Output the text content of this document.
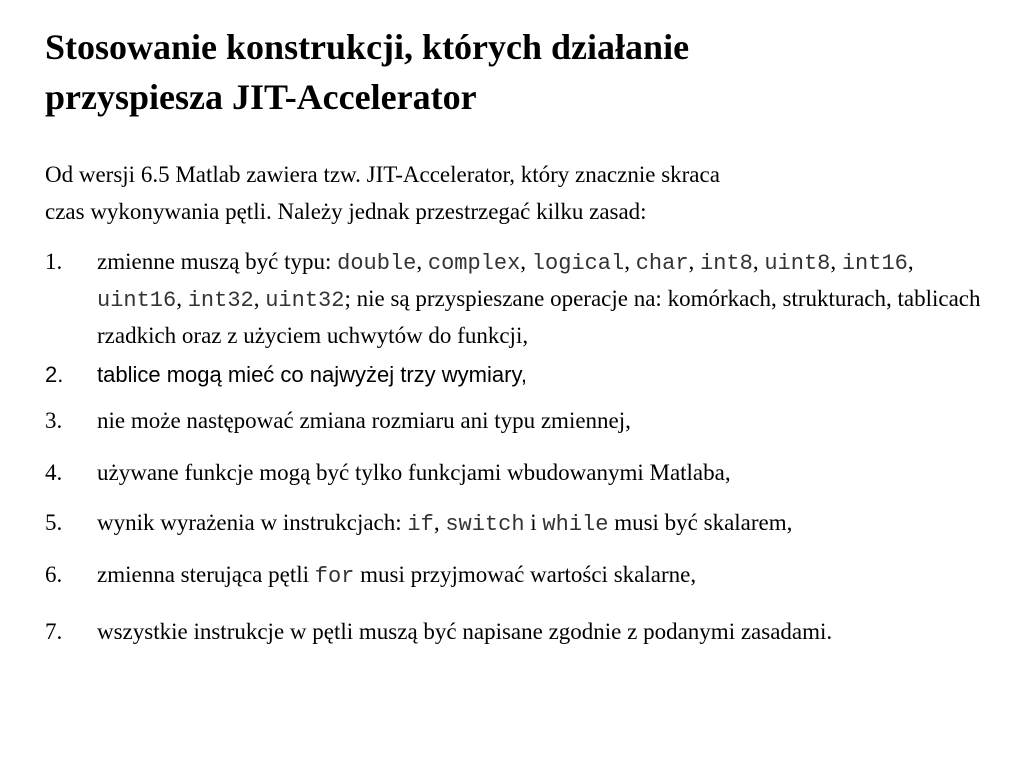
Stosowanie konstrukcji, których działanie
przyspiesza JIT-Accelerator

Od wersji 6.5 Matlab zawiera tzw. JIT-Accelerator, który znacznie skraca
czas wykonywania pętli. Należy jednak przestrzegać kilku zasad:

1. zmienne muszą być typu: double, complex, logical, char, int8, uint8, int16, uint16, int32, uint32; nie są przyspieszane operacje na: komórkach, strukturach, tablicach rzadkich oraz z użyciem uchwytów do funkcji,
2. tablice mogą mieć co najwyżej trzy wymiary,
3. nie może następować zmiana rozmiaru ani typu zmiennej,
4. używane funkcje mogą być tylko funkcjami wbudowanymi Matlaba,
5. wynik wyrażenia w instrukcjach: if, switch i while musi być skalarem,
6. zmienna sterująca pętli for musi przyjmować wartości skalarne,
7. wszystkie instrukcje w pętli muszą być napisane zgodnie z podanymi zasadami.
